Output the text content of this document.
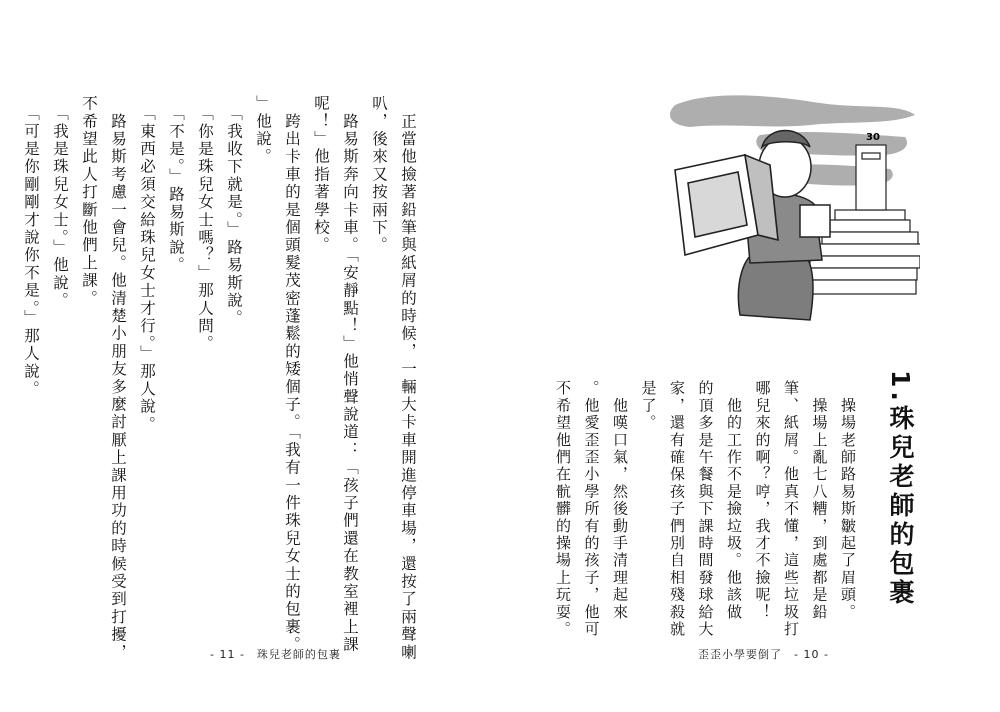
　正當他撿著鉛筆與紙屑的時候，一輛大卡車開進停車場，還按了兩聲喇
叭，後來又按兩下。
　路易斯奔向卡車。「安靜點！」他悄聲說道：「孩子們還在教室裡上課
呢！」他指著學校。
　跨出卡車的是個頭髮茂密蓬鬆的矮個子。「我有一件珠兒女士的包裹。
」他說。
　「我收下就是。」路易斯說。
　「你是珠兒女士嗎？」那人問。
　「不是。」路易斯說。
　「東西必須交給珠兒女士才行。」那人說。
　路易斯考慮一會兒。他清楚小朋友多麼討厭上課用功的時候受到打擾，
不希望此人打斷他們上課。
　「我是珠兒女士。」他說。
　「可是你剛剛才說你不是。」那人說。
- 11 -　珠兒老師的包裹
30
1.珠兒老師的包裹
　操場老師路易斯皺起了眉頭。
　操場上亂七八糟，到處都是鉛
筆、紙屑。他真不懂，這些垃圾打
哪兒來的啊？哼，我才不撿呢！
　他的工作不是撿垃圾。他該做
的頂多是午餐與下課時間發球給大
家，還有確保孩子們別自相殘殺就
是了。
　他嘆口氣，然後動手清理起來
。他愛歪歪小學所有的孩子，他可
不希望他們在骯髒的操場上玩耍。
歪歪小學要倒了　- 10 -
